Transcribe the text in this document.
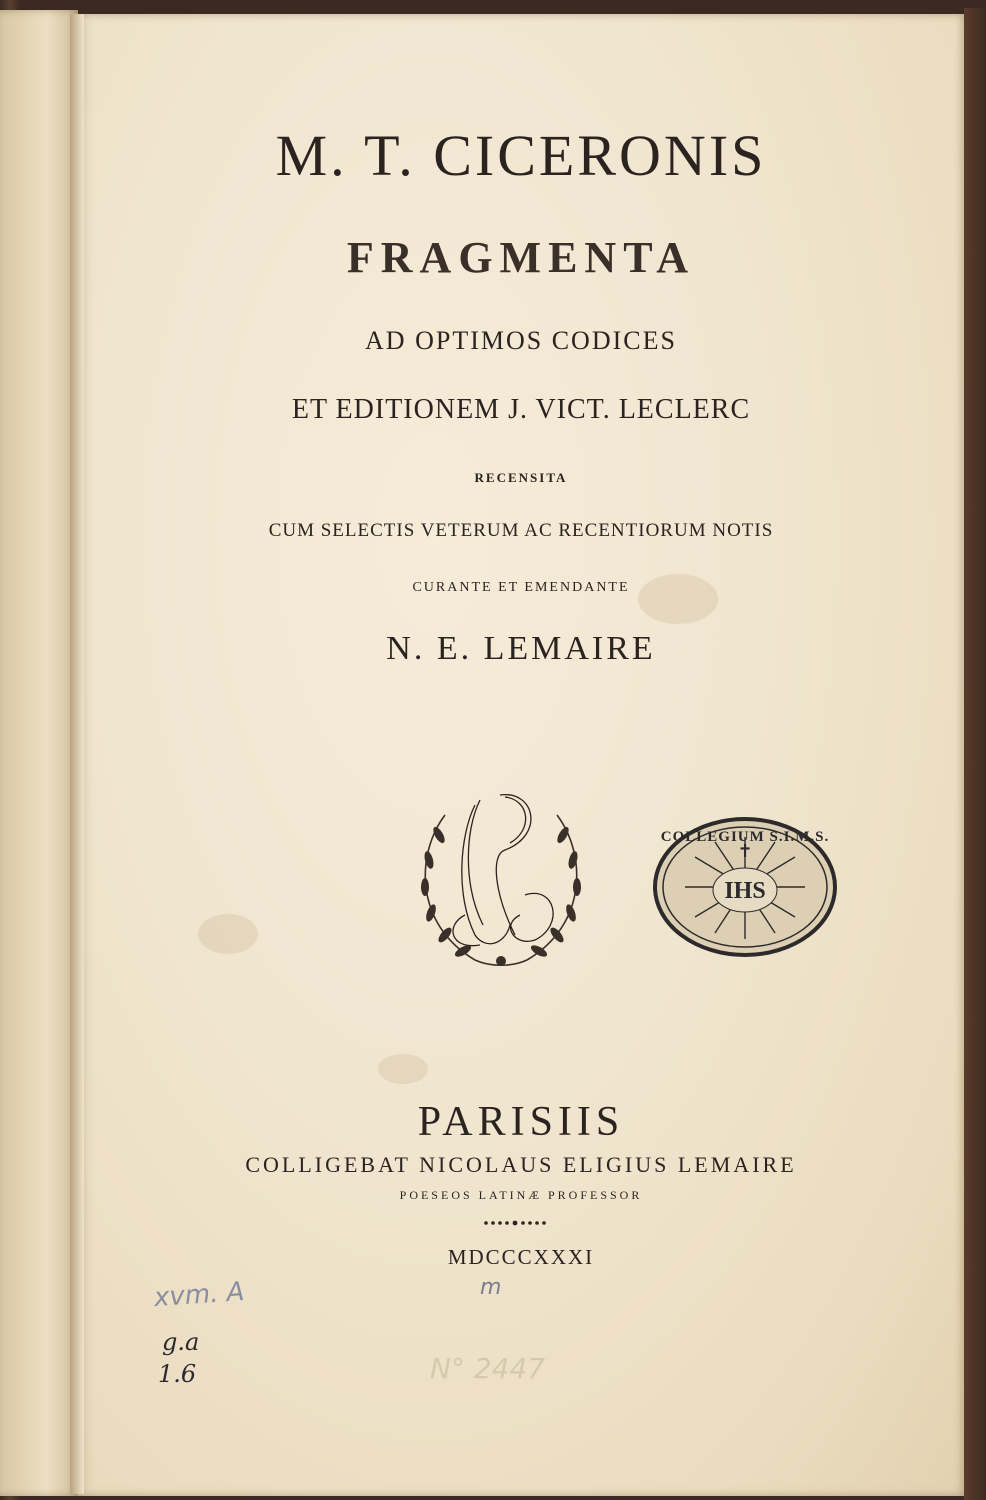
M. T. CICERONIS
FRAGMENTA
AD OPTIMOS CODICES
ET EDITIONEM J. VICT. LECLERC
RECENSITA
CUM SELECTIS VETERUM AC RECENTIORUM NOTIS
CURANTE ET EMENDANTE
N. E. LEMAIRE
IHS
✝
COLLEGIUM S.I.M.S.
PARISIIS
COLLIGEBAT NICOLAUS ELIGIUS LEMAIRE
POESEOS LATINÆ PROFESSOR
MDCCCXXXI
xvm. A	m
N° 2447
g.a
1.6
